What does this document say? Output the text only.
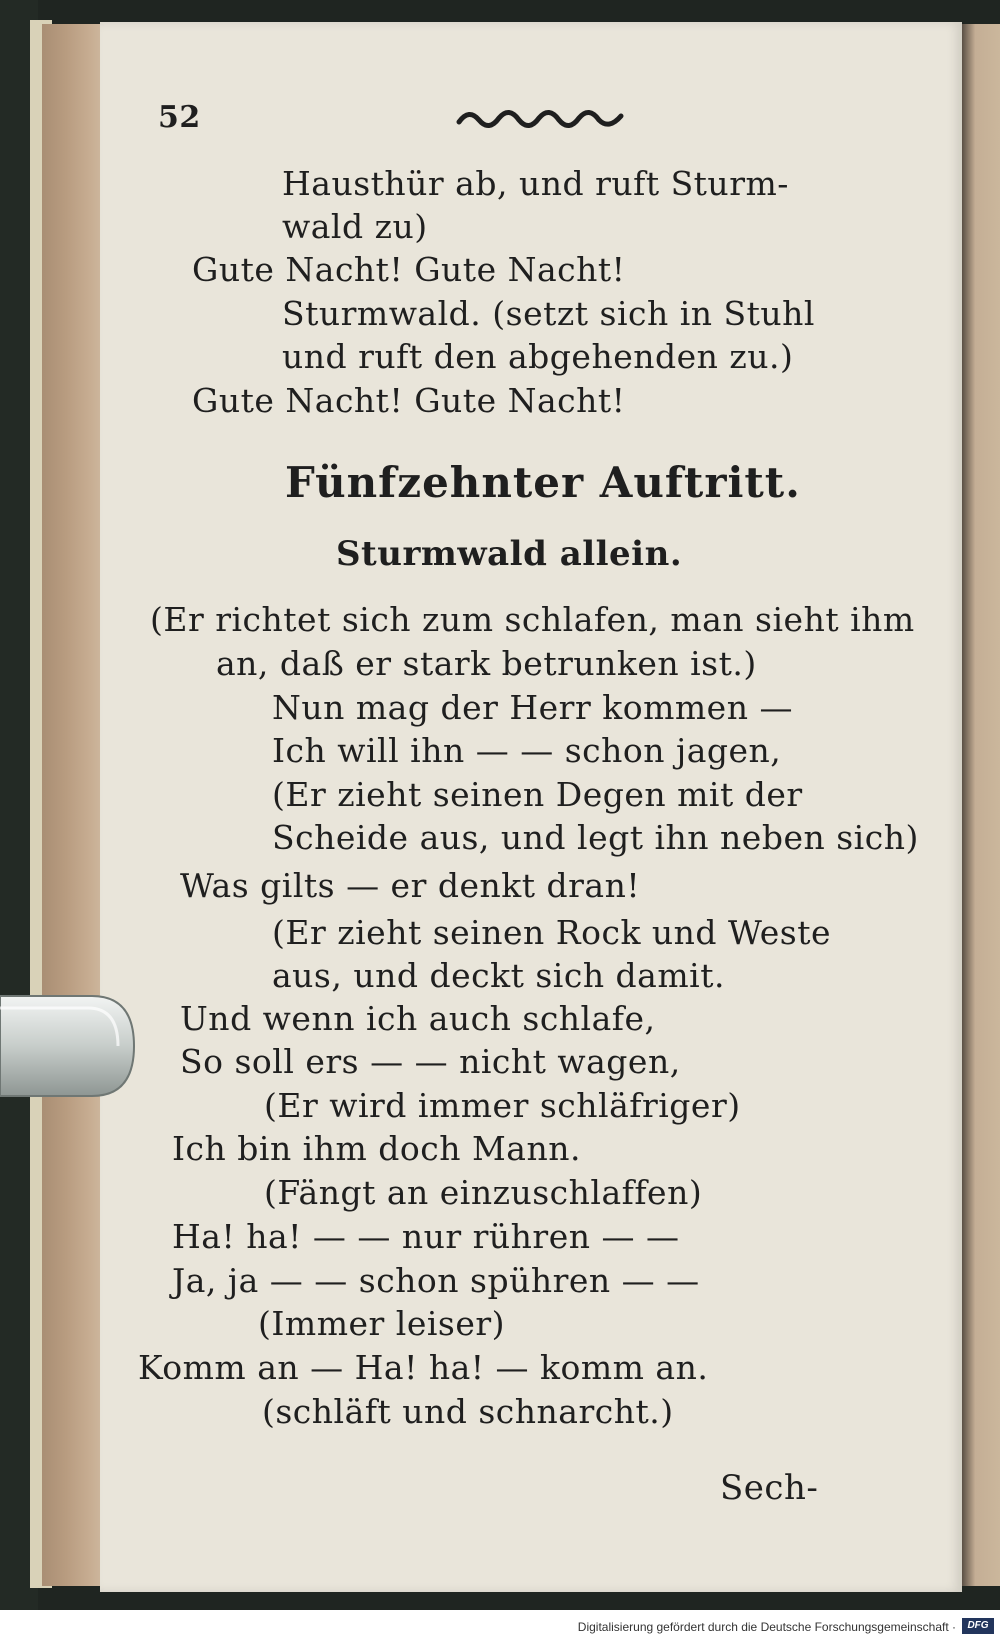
52
Hausthür ab, und ruft Sturm-
wald zu)
Gute Nacht! Gute Nacht!
Sturmwald. (setzt sich in Stuhl
und ruft den abgehenden zu.)
Gute Nacht! Gute Nacht!
Fünfzehnter Auftritt.
Sturmwald allein.
(Er richtet sich zum schlafen, man sieht ihm
an, daß er stark betrunken ist.)
Nun mag der Herr kommen —
Ich will ihn — — schon jagen,
(Er zieht seinen Degen mit der
Scheide aus, und legt ihn neben sich)
Was gilts — er denkt dran!
(Er zieht seinen Rock und Weste
aus, und deckt sich damit.
Und wenn ich auch schlafe,
So soll ers — — nicht wagen,
(Er wird immer schläfriger)
Ich bin ihm doch Mann.
(Fängt an einzuschlaffen)
Ha! ha! — — nur rühren — —
Ja, ja — — schon spühren — —
(Immer leiser)
Komm an — Ha! ha! — komm an.
(schläft und schnarcht.)
Sech-
Digitalisierung gefördert durch die Deutsche Forschungsgemeinschaft ·	DFG
